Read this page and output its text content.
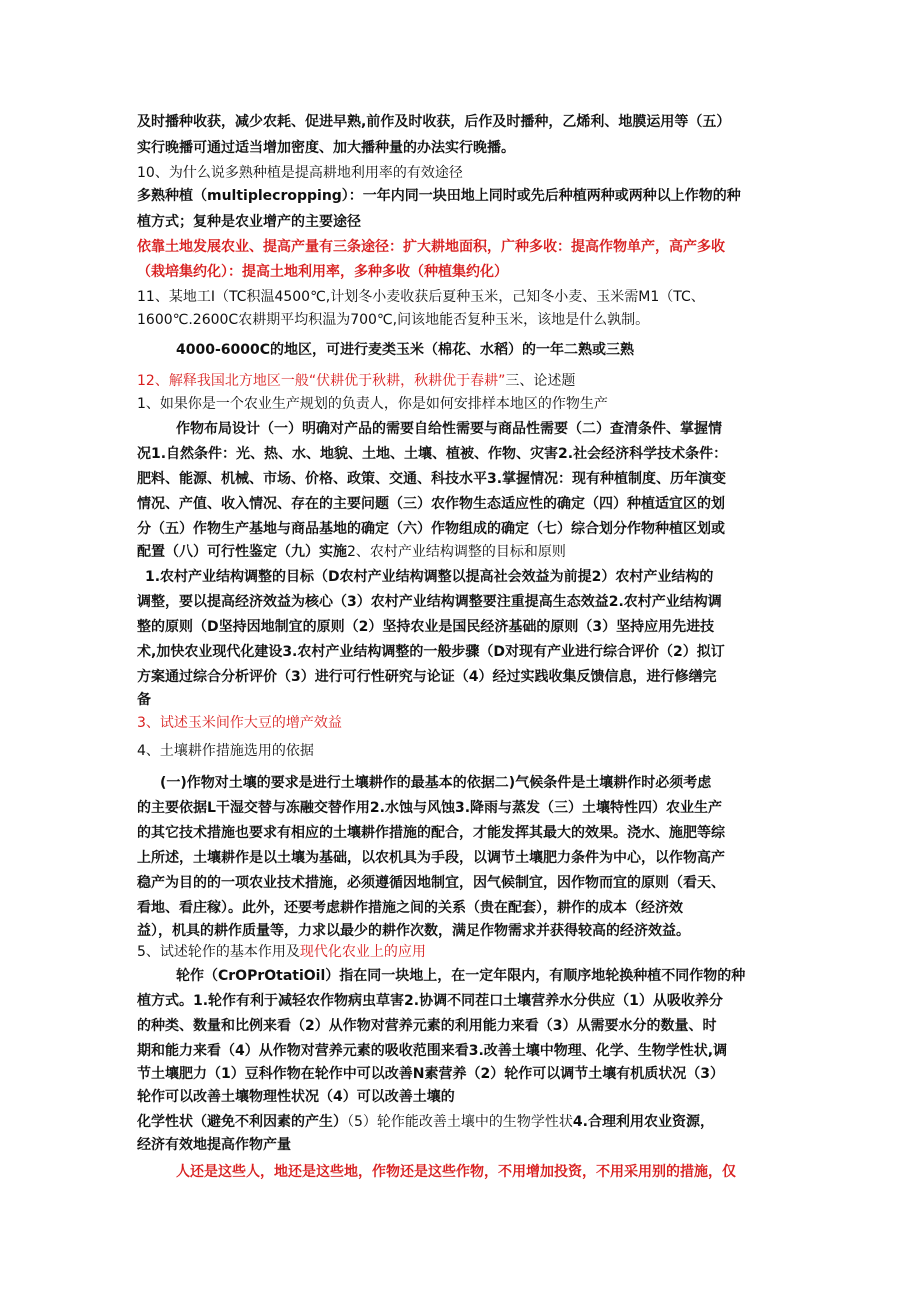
及时播种收获，减少农耗、促进早熟,前作及时收获，后作及时播种，乙烯利、地膜运用等（五）
实行晚播可通过适当增加密度、加大播种量的办法实行晚播。
10、为什么说多熟种植是提高耕地利用率的有效途径
多熟种植（multiplecropping）：一年内同一块田地上同时或先后种植两种或两种以上作物的种
植方式；复种是农业增产的主要途径
依靠土地发展农业、提高产量有三条途径：扩大耕地面积，广种多收：提高作物单产，高产多收
（栽培集约化）：提高土地利用率，多种多收（种植集约化）
11、某地工Ⅰ（TC积温4500℃,计划冬小麦收获后夏种玉米，己知冬小麦、玉米需M1（TC、
1600℃.2600C农耕期平均积温为700℃,问该地能否复种玉米，该地是什么孰制。
4000-6000C的地区，可进行麦类玉米（棉花、水稻）的一年二熟或三熟
12、解释我国北方地区一般“伏耕优于秋耕，秋耕优于春耕”三、论述题
1、如果你是一个农业生产规划的负责人，你是如何安排样本地区的作物生产
作物布局设计（一）明确对产品的需要自给性需要与商品性需要（二）查清条件、掌握情
况1.自然条件：光、热、水、地貌、土地、土壤、植被、作物、灾害2.社会经济科学技术条件：
肥料、能源、机械、市场、价格、政策、交通、科技水平3.掌握情况：现有种植制度、历年演变
情况、产值、收入情况、存在的主要问题（三）农作物生态适应性的确定（四）种植适宜区的划
分（五）作物生产基地与商品基地的确定（六）作物组成的确定（七）综合划分作物种植区划或
配置（八）可行性鉴定（九）实施2、农村产业结构调整的目标和原则
1.农村产业结构调整的目标（D农村产业结构调整以提高社会效益为前提2）农村产业结构的
调整，要以提高经济效益为核心（3）农村产业结构调整要注重提高生态效益2.农村产业结构调
整的原则（D坚持因地制宜的原则（2）坚持农业是国民经济基础的原则（3）坚持应用先进技
术,加快农业现代化建设3.农村产业结构调整的一般步骤（D对现有产业进行综合评价（2）拟订
方案通过综合分析评价（3）进行可行性研究与论证（4）经过实践收集反馈信息，进行修缮完
备
3、试述玉米间作大豆的增产效益
4、土壤耕作措施选用的依据
(一)作物对土壤的要求是进行土壤耕作的最基本的依据二)气候条件是土壤耕作时必须考虑
的主要依据L干湿交替与冻融交替作用2.水蚀与风蚀3.降雨与蒸发（三）土壤特性四）农业生产
的其它技术措施也要求有相应的土壤耕作措施的配合，才能发挥其最大的效果。浇水、施肥等综
上所述，土壤耕作是以土壤为基础，以农机具为手段，以调节土壤肥力条件为中心，以作物高产
稳产为目的的一项农业技术措施，必须遵循因地制宜，因气候制宜，因作物而宜的原则（看天、
看地、看庄稼）。此外，还要考虑耕作措施之间的关系（贵在配套），耕作的成本（经济效
益），机具的耕作质量等，力求以最少的耕作次数，满足作物需求并获得较高的经济效益。
5、试述轮作的基本作用及现代化农业上的应用
轮作（CrOPrOtatiOil）指在同一块地上，在一定年限内，有顺序地轮换种植不同作物的种
植方式。1.轮作有利于减轻农作物病虫草害2.协调不同茬口土壤营养水分供应（1）从吸收养分
的种类、数量和比例来看（2）从作物对营养元素的利用能力来看（3）从需要水分的数量、时
期和能力来看（4）从作物对营养元素的吸收范围来看3.改善土壤中物理、化学、生物学性状,调
节土壤肥力（1）豆科作物在轮作中可以改善N素营养（2）轮作可以调节土壤有机质状况（3）
轮作可以改善土壤物理性状况（4）可以改善土壤的
化学性状（避免不利因素的产生）（5）轮作能改善土壤中的生物学性状4.合理利用农业资源，
经济有效地提高作物产量
人还是这些人，地还是这些地，作物还是这些作物，不用增加投资，不用采用别的措施，仅
